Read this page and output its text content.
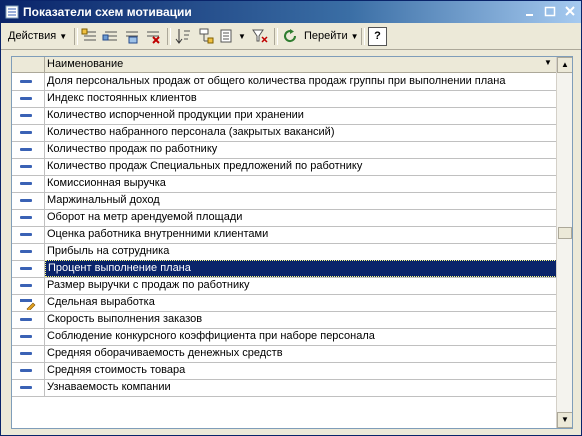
Показатели схем мотивации
Действия ▼	▼	Перейти ▼	?
Наименование	▼
Доля персональных продаж от общего количества продаж группы при выполнении плана
Индекс постоянных клиентов
Количество испорченной продукции при хранении
Количество набранного персонала (закрытых вакансий)
Количество продаж по работнику
Количество продаж Специальных предложений по работнику
Комиссионная выручка
Маржинальный доход
Оборот на метр арендуемой площади
Оценка работника внутренними клиентами
Прибыль на сотрудника
Процент выполнение плана
Размер выручки с продаж по работнику
Сдельная выработка
Скорость выполнения заказов
Соблюдение конкурсного коэффициента при наборе персонала
Средняя оборачиваемость денежных средств
Средняя стоимость товара
Узнаваемость компании
▲
▼
